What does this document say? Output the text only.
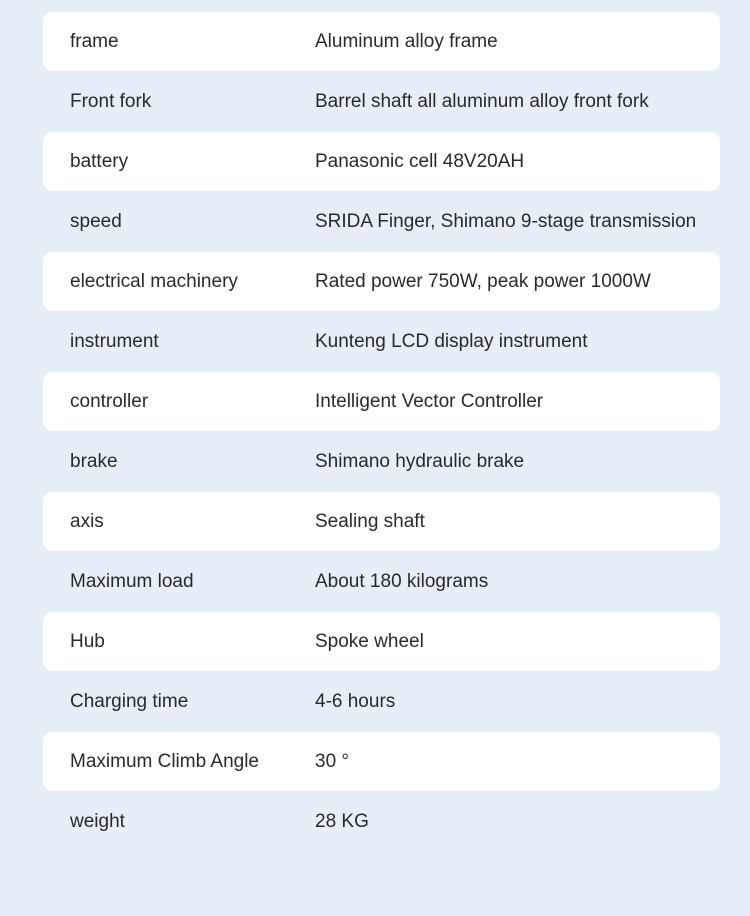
frame	Aluminum alloy frame
Front fork	Barrel shaft all aluminum alloy front fork
battery	Panasonic cell 48V20AH
speed	SRIDA Finger, Shimano 9-stage transmission
electrical machinery	Rated power 750W, peak power 1000W
instrument	Kunteng LCD display instrument
controller	Intelligent Vector Controller
brake	Shimano hydraulic brake
axis	Sealing shaft
Maximum load	About 180 kilograms
Hub	Spoke wheel
Charging time	4-6 hours
Maximum Climb Angle	30 °
weight	28 KG
